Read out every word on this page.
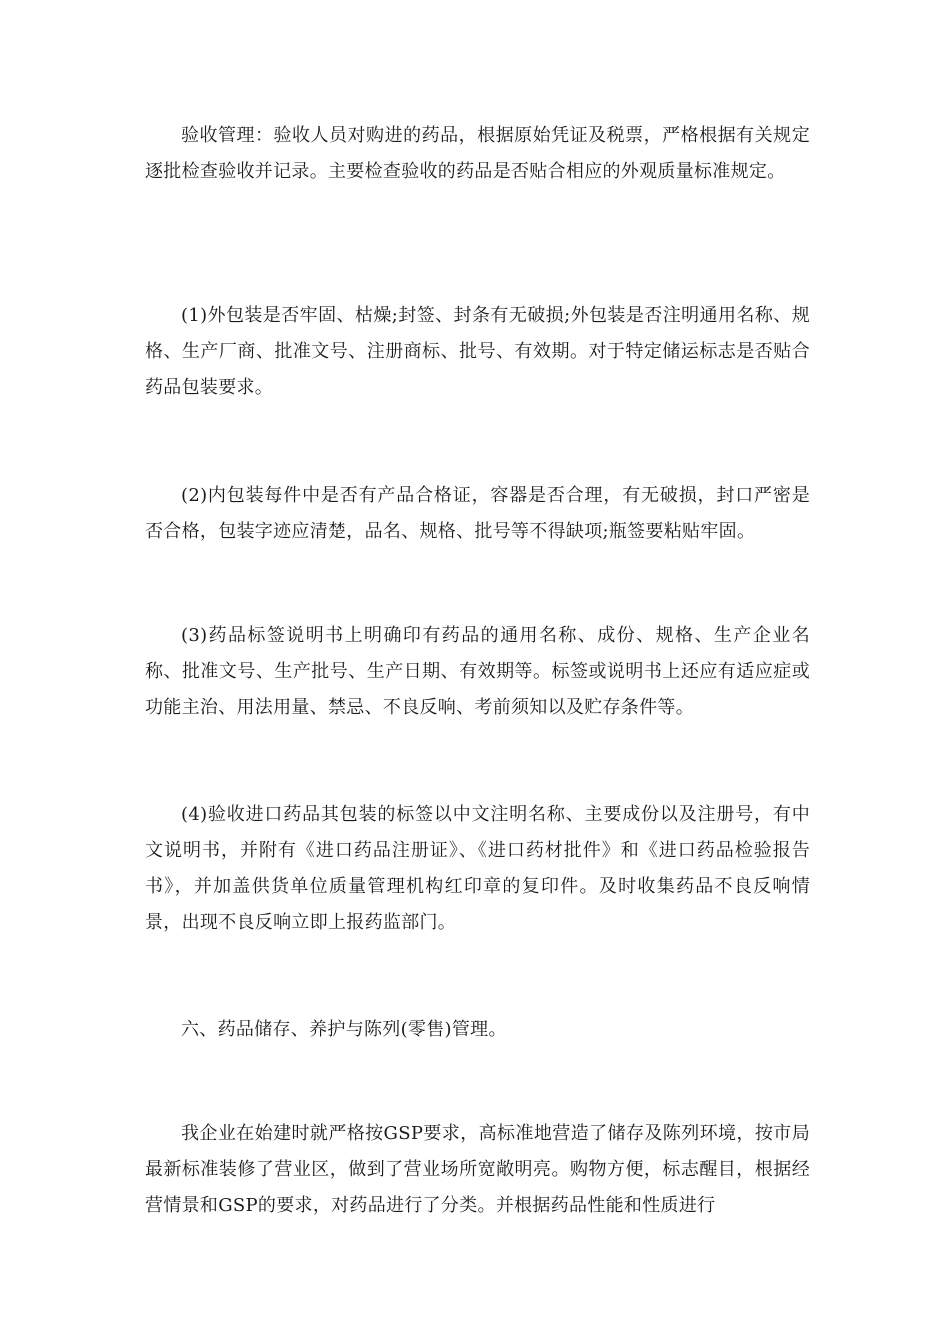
验收管理：验收人员对购进的药品，根据原始凭证及税票，严格根据有关规定逐批检查验收并记录。主要检查验收的药品是否贴合相应的外观质量标准规定。

(1)外包装是否牢固、枯燥;封签、封条有无破损;外包装是否注明通用名称、规格、生产厂商、批准文号、注册商标、批号、有效期。对于特定储运标志是否贴合药品包装要求。

(2)内包装每件中是否有产品合格证，容器是否合理，有无破损，封口严密是否合格，包装字迹应清楚，品名、规格、批号等不得缺项;瓶签要粘贴牢固。

(3)药品标签说明书上明确印有药品的通用名称、成份、规格、生产企业名称、批准文号、生产批号、生产日期、有效期等。标签或说明书上还应有适应症或功能主治、用法用量、禁忌、不良反响、考前须知以及贮存条件等。

(4)验收进口药品其包装的标签以中文注明名称、主要成份以及注册号，有中文说明书，并附有《进口药品注册证》、《进口药材批件》和《进口药品检验报告书》，并加盖供货单位质量管理机构红印章的复印件。及时收集药品不良反响情景，出现不良反响立即上报药监部门。

六、药品储存、养护与陈列(零售)管理。

我企业在始建时就严格按GSP要求，高标准地营造了储存及陈列环境，按市局最新标准装修了营业区，做到了营业场所宽敞明亮。购物方便，标志醒目，根据经营情景和GSP的要求，对药品进行了分类。并根据药品性能和性质进行
